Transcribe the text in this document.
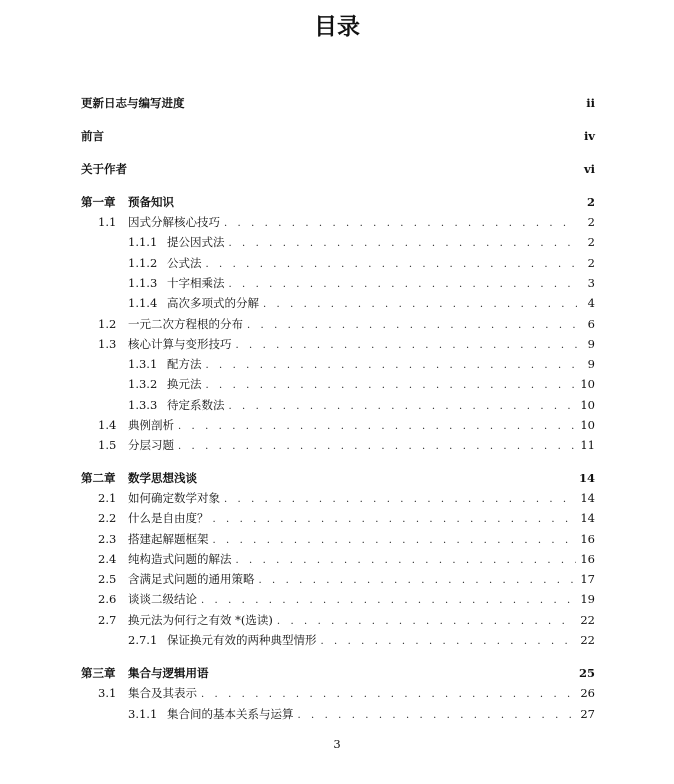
目录
更新日志与编写进度	ii
前言	iv
关于作者	vi
第一章	预备知识	2
1.1	因式分解核心技巧 . . .	2
1.1.1 提公因式法 . . .	2
1.1.2 公式法 . . .	2
1.1.3 十字相乘法 . . .	3
1.1.4 高次多项式的分解 . . .	4
1.2	一元二次方程根的分布 . . .	6
1.3	核心计算与变形技巧 . . .	9
1.3.1 配方法 . . .	9
1.3.2 换元法 . . .	10
1.3.3 待定系数法 . . .	10
1.4	典例剖析 . . .	10
1.5	分层习题 . . .	11
第二章	数学思想浅谈	14
2.1	如何确定数学对象 . . .	14
2.2	什么是自由度？ . . .	14
2.3	搭建起解题框架 . . .	16
2.4	纯构造式问题的解法 . . .	16
2.5	含满足式问题的通用策略 . . .	17
2.6	谈谈二级结论 . . .	19
2.7	换元法为何行之有效 *(选读) . . .	22
2.7.1 保证换元有效的两种典型情形 . . .	22
第三章	集合与逻辑用语	25
3.1	集合及其表示 . . .	26
3.1.1 集合间的基本关系与运算 . . .	27
3
